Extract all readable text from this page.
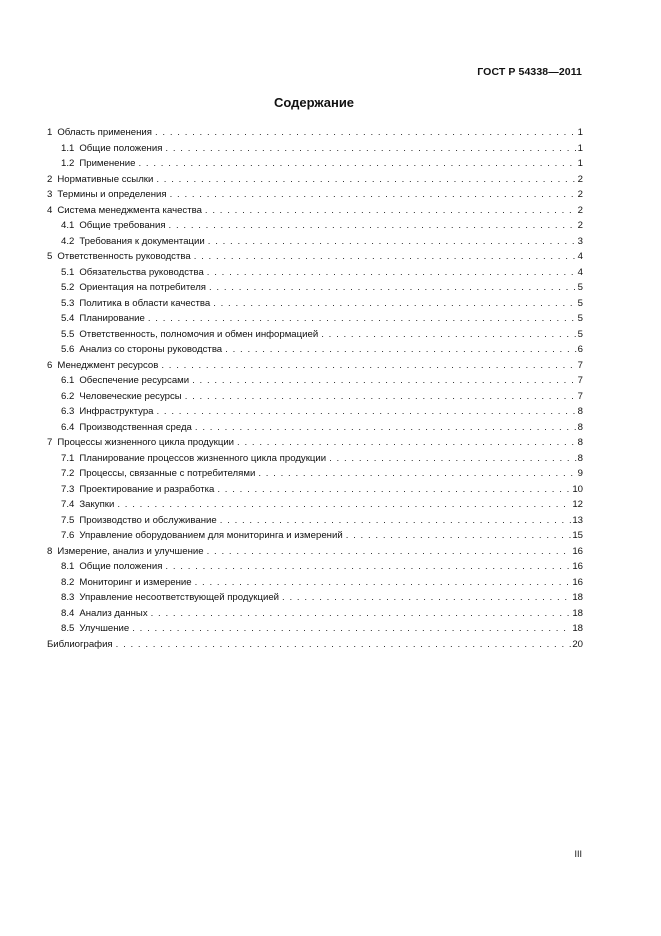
ГОСТ Р 54338—2011
Содержание
1 Область применения . . .	1
1.1 Общие положения . . .	1
1.2 Применение . . .	1
2 Нормативные ссылки . . .	2
3 Термины и определения . . .	2
4 Система менеджмента качества . . .	2
4.1 Общие требования . . .	2
4.2 Требования к документации . . .	3
5 Ответственность руководства . . .	4
5.1 Обязательства руководства . . .	4
5.2 Ориентация на потребителя . . .	5
5.3 Политика в области качества . . .	5
5.4 Планирование . . .	5
5.5 Ответственность, полномочия и обмен информацией . . .	5
5.6 Анализ со стороны руководства . . .	6
6 Менеджмент ресурсов . . .	7
6.1 Обеспечение ресурсами . . .	7
6.2 Человеческие ресурсы . . .	7
6.3 Инфраструктура . . .	8
6.4 Производственная среда . . .	8
7 Процессы жизненного цикла продукции . . .	8
7.1 Планирование процессов жизненного цикла продукции . . .	8
7.2 Процессы, связанные с потребителями . . .	9
7.3 Проектирование и разработка . . .	10
7.4 Закупки . . .	12
7.5 Производство и обслуживание . . .	13
7.6 Управление оборудованием для мониторинга и измерений . . .	15
8 Измерение, анализ и улучшение . . .	16
8.1 Общие положения . . .	16
8.2 Мониторинг и измерение . . .	16
8.3 Управление несоответствующей продукцией . . .	18
8.4 Анализ данных . . .	18
8.5 Улучшение . . .	18
Библиография . . .	20
III
